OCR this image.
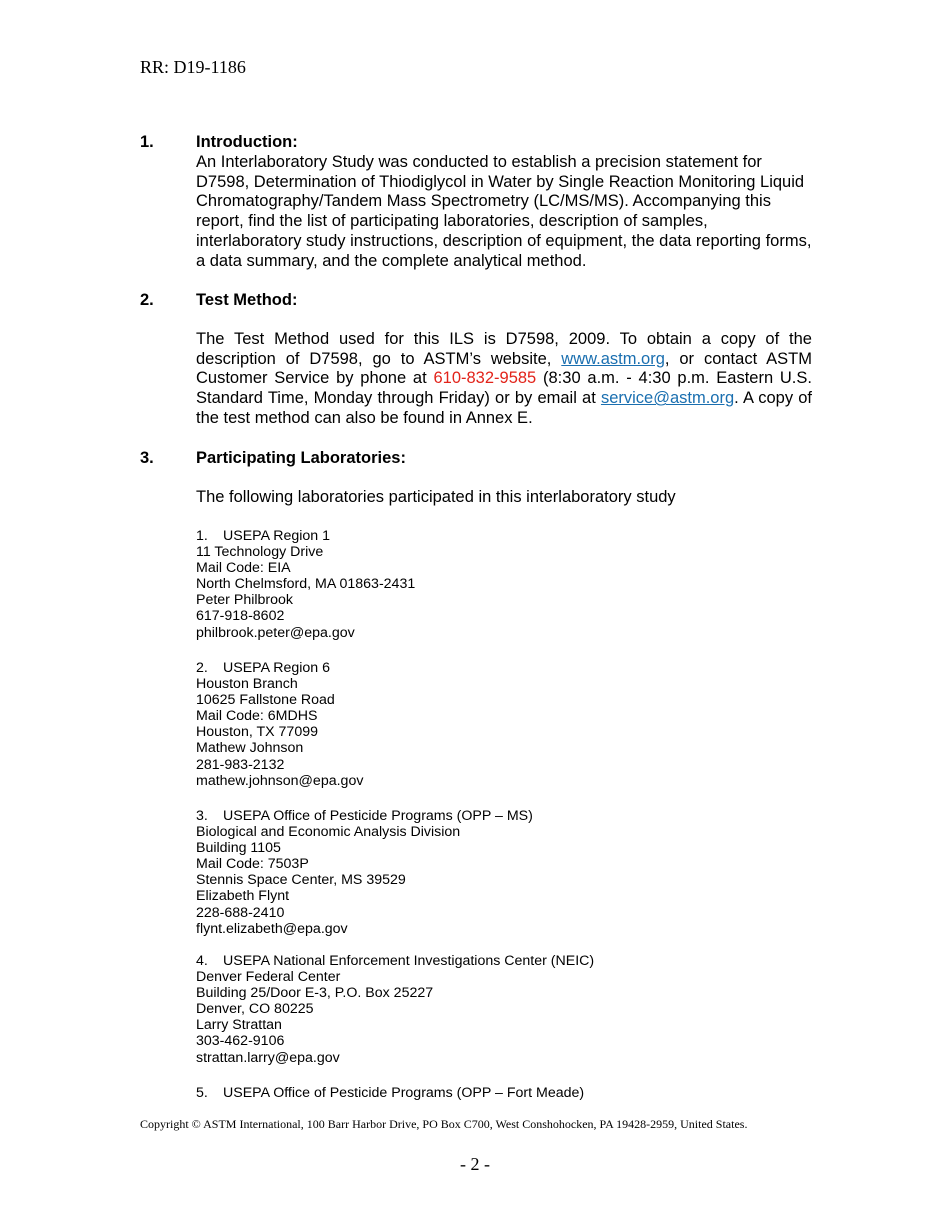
RR: D19-1186
1.	Introduction:
An Interlaboratory Study was conducted to establish a precision statement for D7598, Determination of Thiodiglycol in Water by Single Reaction Monitoring Liquid Chromatography/Tandem Mass Spectrometry (LC/MS/MS). Accompanying this report, find the list of participating laboratories, description of samples, interlaboratory study instructions, description of equipment, the data reporting forms, a data summary, and the complete analytical method.
2.	Test Method:
The Test Method used for this ILS is D7598, 2009. To obtain a copy of the description of D7598, go to ASTM’s website, www.astm.org, or contact ASTM Customer Service by phone at 610-832-9585 (8:30 a.m. - 4:30 p.m. Eastern U.S. Standard Time, Monday through Friday) or by email at service@astm.org. A copy of the test method can also be found in Annex E.
3.	Participating Laboratories:
The following laboratories participated in this interlaboratory study
1. USEPA Region 1
11 Technology Drive
Mail Code: EIA
North Chelmsford, MA 01863-2431
Peter Philbrook
617-918-8602
philbrook.peter@epa.gov
2. USEPA Region 6
Houston Branch
10625 Fallstone Road
Mail Code: 6MDHS
Houston, TX 77099
Mathew Johnson
281-983-2132
mathew.johnson@epa.gov
3. USEPA Office of Pesticide Programs (OPP – MS)
Biological and Economic Analysis Division
Building 1105
Mail Code: 7503P
Stennis Space Center, MS 39529
Elizabeth Flynt
228-688-2410
flynt.elizabeth@epa.gov
4. USEPA National Enforcement Investigations Center (NEIC)
Denver Federal Center
Building 25/Door E-3, P.O. Box 25227
Denver, CO 80225
Larry Strattan
303-462-9106
strattan.larry@epa.gov
5. USEPA Office of Pesticide Programs (OPP – Fort Meade)
Copyright © ASTM International, 100 Barr Harbor Drive, PO Box C700, West Conshohocken, PA 19428-2959, United States.
- 2 -
